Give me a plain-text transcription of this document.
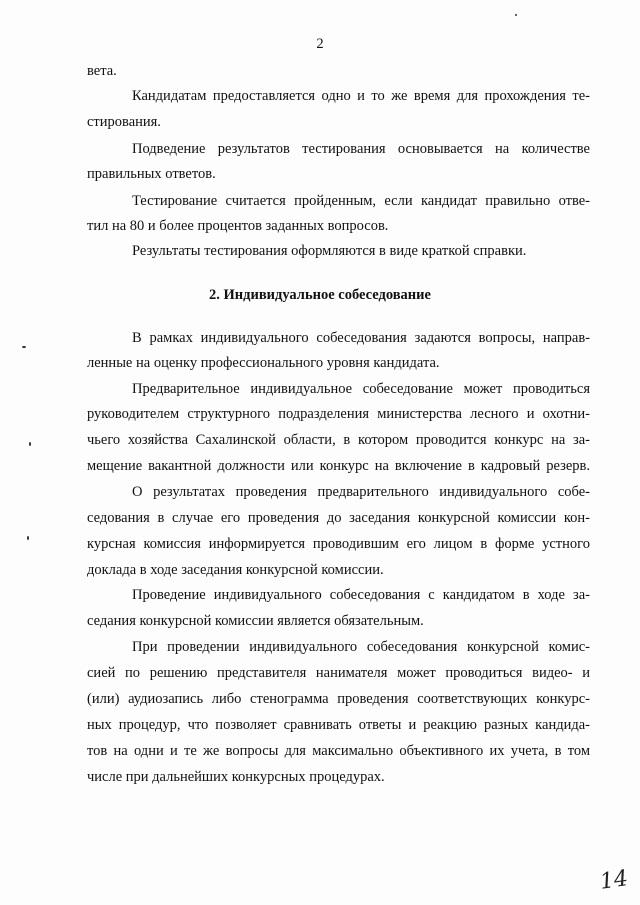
2
вета.
Кандидатам предоставляется одно и то же время для прохождения те-
стирования.
Подведение результатов тестирования основывается на количестве
правильных ответов.
Тестирование считается пройденным, если кандидат правильно отве-
тил на 80 и более процентов заданных вопросов.
Результаты тестирования оформляются в виде краткой справки.
2. Индивидуальное собеседование
В рамках индивидуального собеседования задаются вопросы, направ-
ленные на оценку профессионального уровня кандидата.
Предварительное индивидуальное собеседование может проводиться
руководителем структурного подразделения министерства лесного и охотни-
чьего хозяйства Сахалинской области, в котором проводится конкурс на за-
мещение вакантной должности или конкурс на включение в кадровый резерв.
О результатах проведения предварительного индивидуального собе-
седования в случае его проведения до заседания конкурсной комиссии кон-
курсная комиссия информируется проводившим его лицом в форме устного
доклада в ходе заседания конкурсной комиссии.
Проведение индивидуального собеседования с кандидатом в ходе за-
седания конкурсной комиссии является обязательным.
При проведении индивидуального собеседования конкурсной комис-
сией по решению представителя нанимателя может проводиться видео- и
(или) аудиозапись либо стенограмма проведения соответствующих конкурс-
ных процедур, что позволяет сравнивать ответы и реакцию разных кандида-
тов на одни и те же вопросы для максимально объективного их учета, в том
числе при дальнейших конкурсных процедурах.
14
